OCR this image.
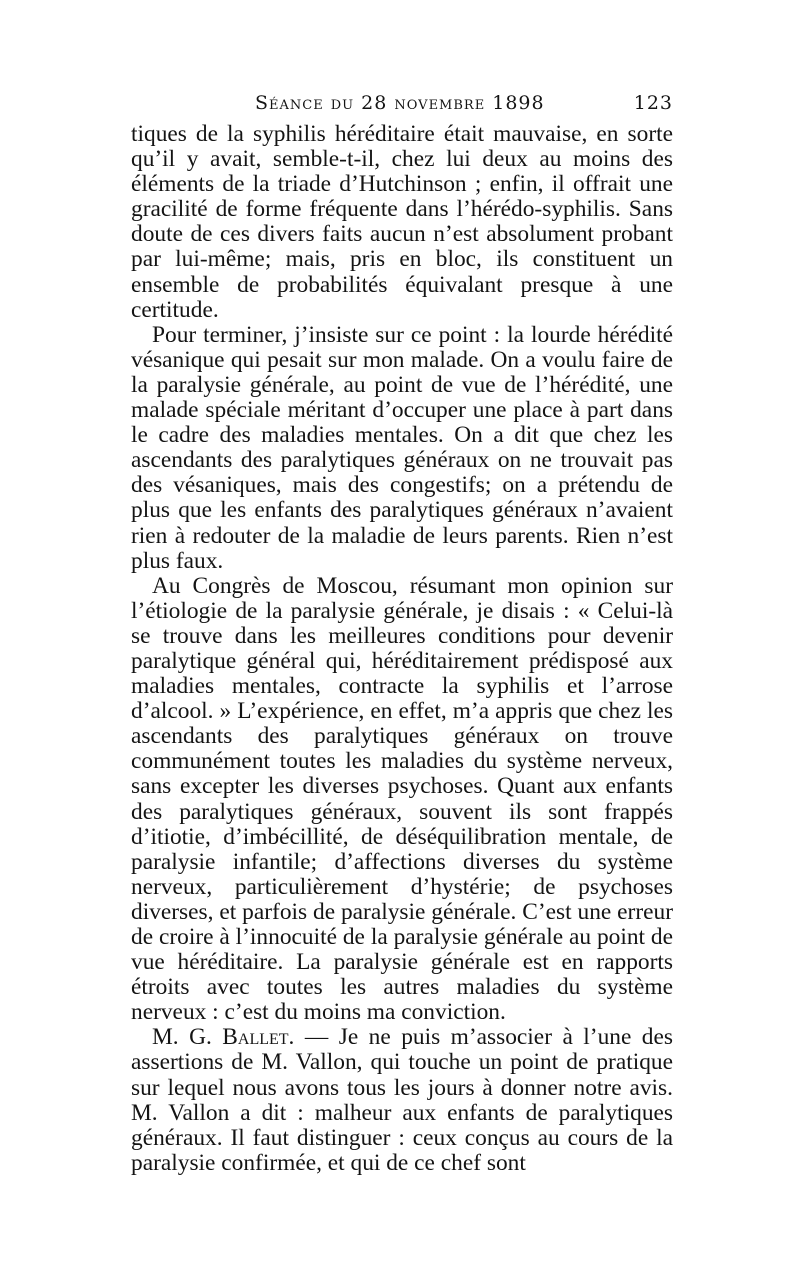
Séance du 28 novembre 1898	123

tiques de la syphilis héréditaire était mauvaise, en sorte qu’il y avait, semble-t-il, chez lui deux au moins des éléments de la triade d’Hutchinson ; enfin, il offrait une gracilité de forme fréquente dans l’hérédo-syphilis. Sans doute de ces divers faits aucun n’est absolument probant par lui-même; mais, pris en bloc, ils constituent un ensemble de probabilités équivalant presque à une certitude.

Pour terminer, j’insiste sur ce point : la lourde hérédité vésanique qui pesait sur mon malade. On a voulu faire de la paralysie générale, au point de vue de l’hérédité, une malade spéciale méritant d’occuper une place à part dans le cadre des maladies mentales. On a dit que chez les ascendants des paralytiques généraux on ne trouvait pas des vésaniques, mais des congestifs; on a prétendu de plus que les enfants des paralytiques généraux n’avaient rien à redouter de la maladie de leurs parents. Rien n’est plus faux.

Au Congrès de Moscou, résumant mon opinion sur l’étiologie de la paralysie générale, je disais : « Celui-là se trouve dans les meilleures conditions pour devenir paralytique général qui, héréditairement prédisposé aux maladies mentales, contracte la syphilis et l’arrose d’alcool. » L’expérience, en effet, m’a appris que chez les ascendants des paralytiques généraux on trouve communément toutes les maladies du système nerveux, sans excepter les diverses psychoses. Quant aux enfants des paralytiques généraux, souvent ils sont frappés d’itiotie, d’imbécillité, de déséquilibration mentale, de paralysie infantile; d’affections diverses du système nerveux, particulièrement d’hystérie; de psychoses diverses, et parfois de paralysie générale. C’est une erreur de croire à l’innocuité de la paralysie générale au point de vue héréditaire. La paralysie générale est en rapports étroits avec toutes les autres maladies du système nerveux : c’est du moins ma conviction.

M. G. Ballet. — Je ne puis m’associer à l’une des assertions de M. Vallon, qui touche un point de pratique sur lequel nous avons tous les jours à donner notre avis. M. Vallon a dit : malheur aux enfants de paralytiques généraux. Il faut distinguer : ceux conçus au cours de la paralysie confirmée, et qui de ce chef sont
